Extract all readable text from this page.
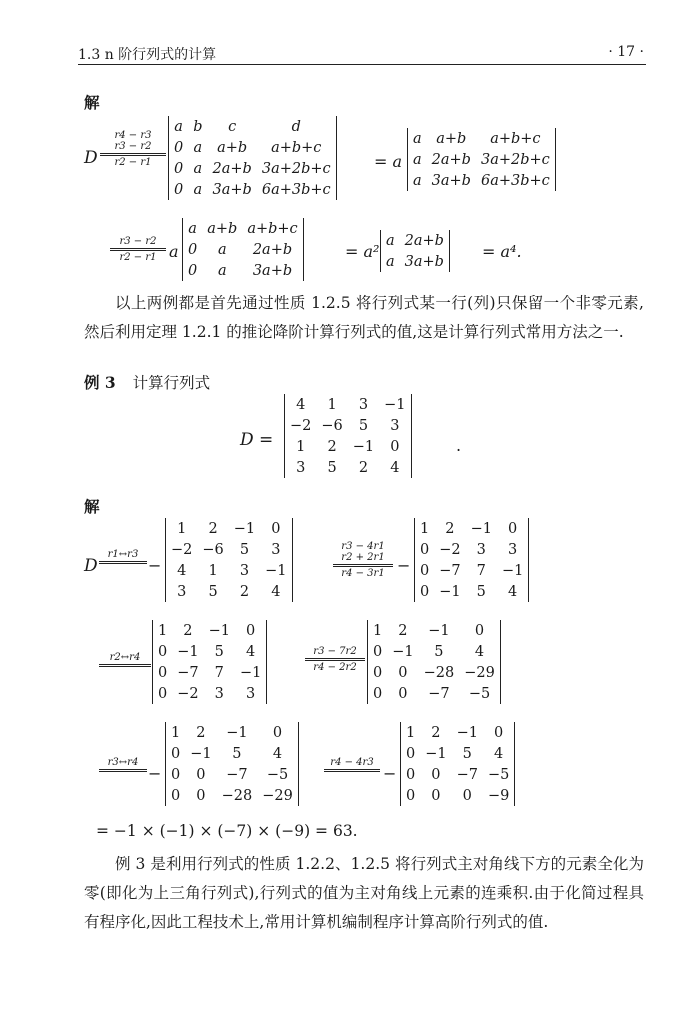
1.3 n 阶行列式的计算	· 17 ·
解
D
r4 − r3
r3 − r2
r2 − r1
a	b	c	d
0	a	a+b	a+b+c
0	a	2a+b	3a+2b+c
0	a	3a+b	6a+3b+c
= a
a	a+b	a+b+c
a	2a+b	3a+2b+c
a	3a+b	6a+3b+c
r3 − r2
r2 − r1 a
a	a+b	a+b+c
0	a	2a+b
0	a	3a+b
= a²
a	2a+b
a	3a+b
= a⁴.
以上两例都是首先通过性质 1.2.5 将行列式某一行(列)只保留一个非零元素,然后利用定理 1.2.1 的推论降阶计算行列式的值,这是计算行列式常用方法之一.
例 3 计算行列式
D =
4	1	3	−1
−2	−6	5	3
1	2	−1	0
3	5	2	4
.
解
D
r1↔r3
−
1	2	−1	0
−2	−6	5	3
4	1	3	−1
3	5	2	4
r3 − 4r1
r2 + 2r1
r4 − 3r1 −
1	2	−1	0
0	−2	3	3
0	−7	7	−1
0	−1	5	4
r2↔r4
1	2	−1	0
0	−1	5	4
0	−7	7	−1
0	−2	3	3
r3 − 7r2
r4 − 2r2
1	2	−1	0
0	−1	5	4
0	0	−28	−29
0	0	−7	−5
r3↔r4
−
1	2	−1	0
0	−1	5	4
0	0	−7	−5
0	0	−28	−29
r4 − 4r3
−
1	2	−1	0
0	−1	5	4
0	0	−7	−5
0	0	0	−9
= −1 × (−1) × (−7) × (−9) = 63.
例 3 是利用行列式的性质 1.2.2、1.2.5 将行列式主对角线下方的元素全化为零(即化为上三角行列式),行列式的值为主对角线上元素的连乘积.由于化简过程具有程序化,因此工程技术上,常用计算机编制程序计算高阶行列式的值.
